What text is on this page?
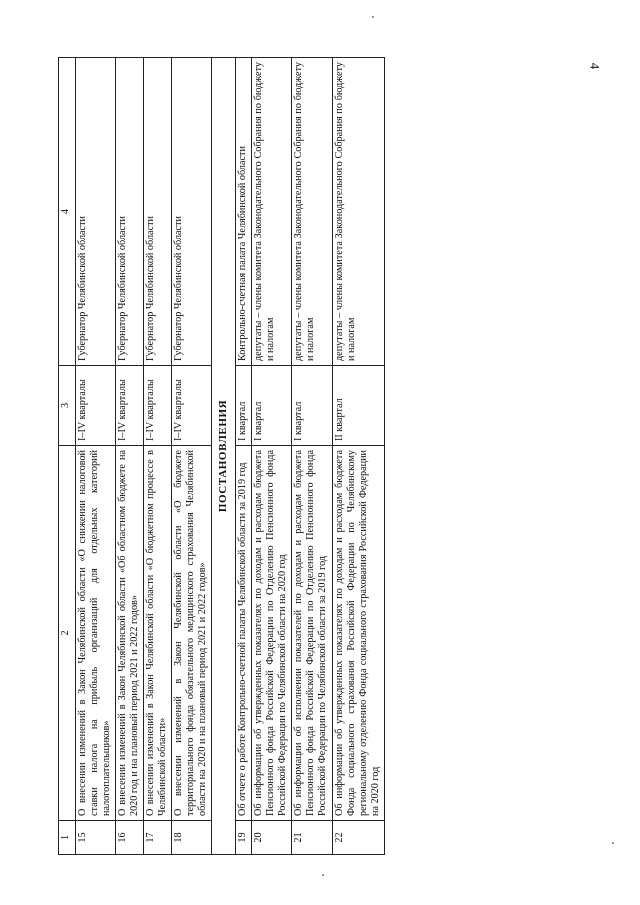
4
1	2	3	4
15	О внесении изменений в Закон Челябинской области «О снижении налоговой ставки налога на прибыль организаций для отдельных категорий налогоплательщиков»	I–IV кварталы	Губернатор Челябинской области
16	О внесении изменений в Закон Челябинской области «Об областном бюджете на 2020 год и на плановый период 2021 и 2022 годов»	I–IV кварталы	Губернатор Челябинской области
17	О внесении изменений в Закон Челябинской области «О бюджетном процессе в Челябинской области»	I–IV кварталы	Губернатор Челябинской области
18	О внесении изменений в Закон Челябинской области «О бюджете территориального фонда обязательного медицинского страхования Челябинской области на 2020 и на плановый период 2021 и 2022 годов»	I–IV кварталы	Губернатор Челябинской области
ПОСТАНОВЛЕНИЯ			
19	Об отчете о работе Контрольно-счетной палаты Челябинской области за 2019 год	I квартал	Контрольно-счетная палата Челябинской области
20	Об информации об утвержденных показателях по доходам и расходам бюджета Пенсионного фонда Российской Федерации по Отделению Пенсионного фонда Российской Федерации по Челябинской области на 2020 год	I квартал	депутаты – члены комитета Законодательного Собрания по бюджету и налогам
21	Об информации об исполнении показателей по доходам и расходам бюджета Пенсионного фонда Российской Федерации по Отделению Пенсионного фонда Российской Федерации по Челябинской области за 2019 год	I квартал	депутаты – члены комитета Законодательного Собрания по бюджету и налогам
22	Об информации об утвержденных показателях по доходам и расходам бюджета Фонда социального страхования Российской Федерации по Челябинскому региональному отделению Фонда социального страхования Российской Федерации на 2020 год	II квартал	депутаты – члены комитета Законодательного Собрания по бюджету и налогам
